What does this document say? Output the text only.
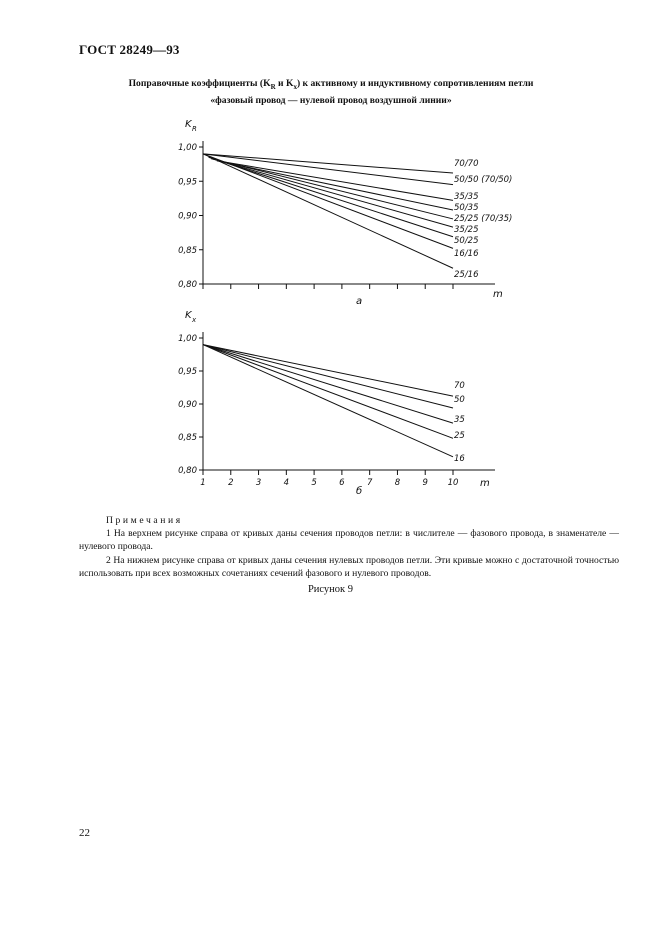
ГОСТ 28249—93
Поправочные коэффициенты ($K_R$ и $K_x$) к активному и индуктивному сопротивлениям петли
«фазовый провод — нулевой провод воздушной линии»
1,00
0,95
0,90
0,85
0,80
K R
m
а
70/70
50/50 (70/50)
35/35
50/35
25/25 (70/35)
35/25
50/25
16/16
25/16
1,00
0,95
0,90
0,85
0,80
1	2	3	4	5	6	7	8	9 10
K x
m
б
70
50
35
25
16

Примечания

1 На верхнем рисунке справа от кривых даны сечения проводов петли: в числителе — фазового провода, в знаменателе — нулевого провода.

2 На нижнем рисунке справа от кривых даны сечения нулевых проводов петли. Эти кривые можно с достаточной точностью использовать при всех возможных сочетаниях сечений фазового и нулевого проводов.

Рисунок 9
22
